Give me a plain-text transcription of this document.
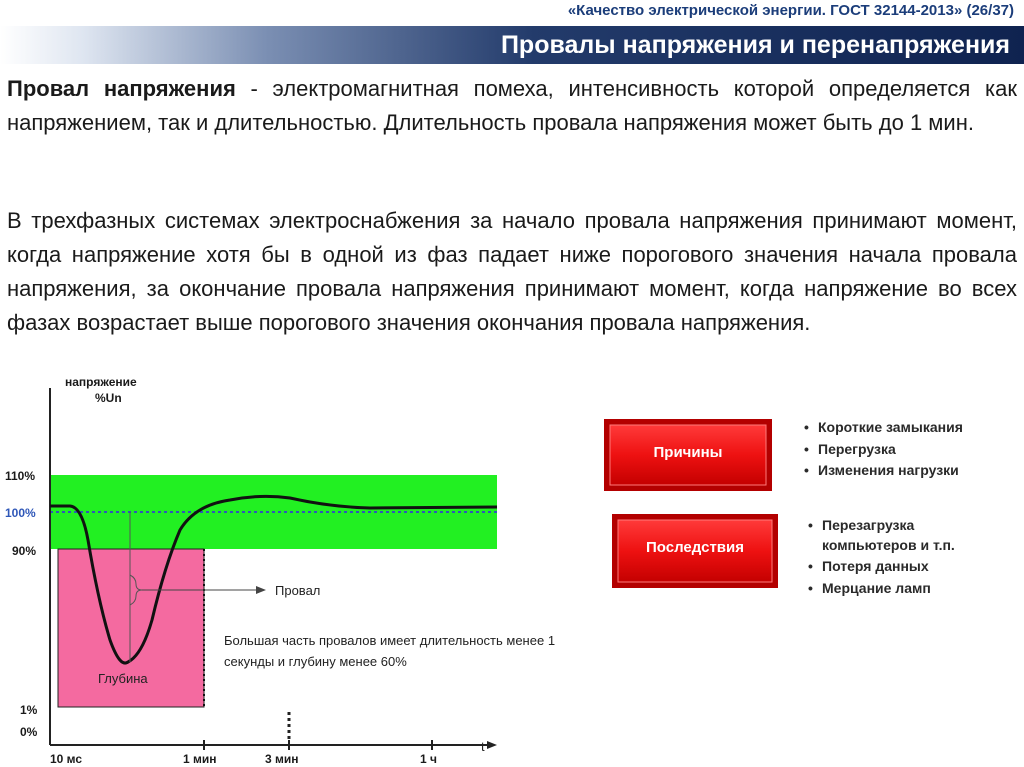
«Качество электрической энергии. ГОСТ 32144-2013» (26/37)
Провалы напряжения и перенапряжения
Провал напряжения - электромагнитная помеха, интенсивность которой определяется как напряжением, так и длительностью. Длительность провала напряжения может быть до 1 мин.
В трехфазных системах электроснабжения за начало провала напряжения принимают момент, когда напряжение хотя бы в одной из фаз падает ниже порогового значения начала провала напряжения, за окончание провала напряжения принимают момент, когда напряжение во всех фазах возрастает выше порогового значения окончания провала напряжения.
напряжение
%Un
110%
100%
90%
1%
0%
10 мс	1 мин	3 мин	1 ч
t
Провал
Глубина
Большая часть провалов имеет длительность менее 1
секунды и глубину менее 60%
Причины
Последствия
• Короткие замыкания
• Перегрузка
• Изменения нагрузки
• Перезагрузка
компьютеров и т.п.
• Потеря данных
• Мерцание ламп
